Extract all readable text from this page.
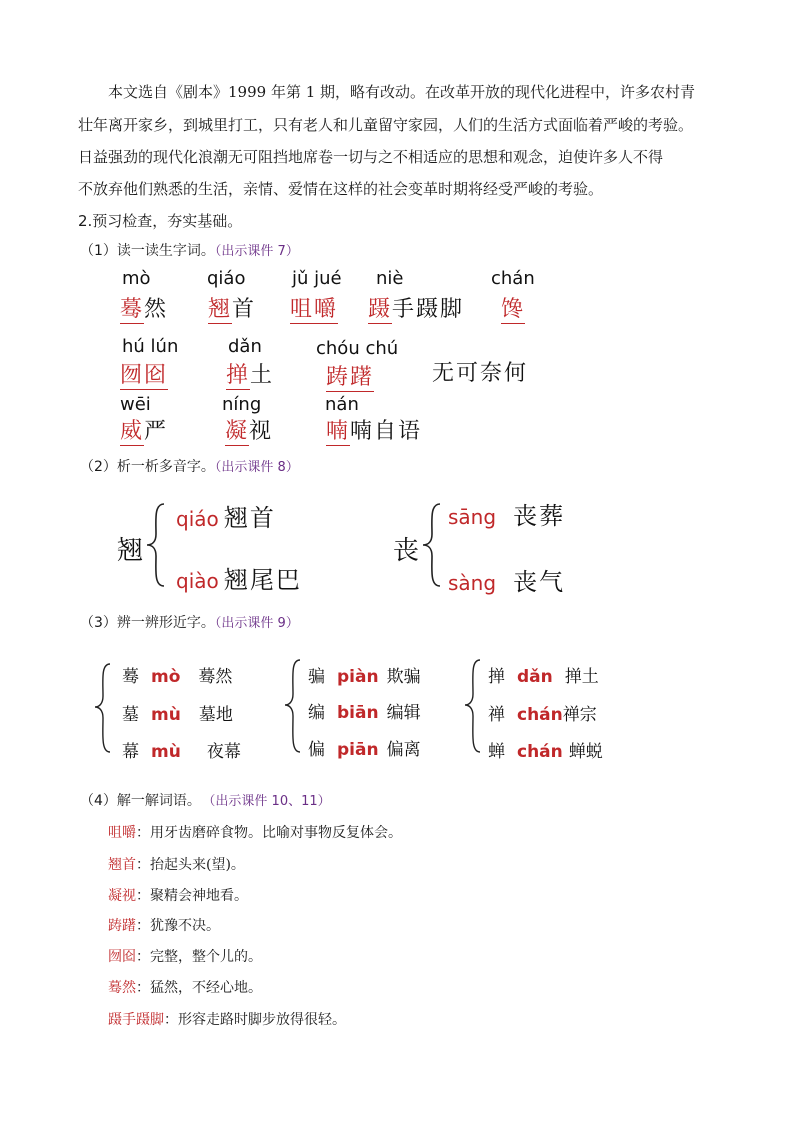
本文选自《剧本》1999 年第 1 期，略有改动。在改革开放的现代化进程中，许多农村青
壮年离开家乡，到城里打工，只有老人和儿童留守家园，人们的生活方式面临着严峻的考验。
日益强劲的现代化浪潮无可阻挡地席卷一切与之不相适应的思想和观念，迫使许多人不得
不放弃他们熟悉的生活，亲情、爱情在这样的社会变革时期将经受严峻的考验。
2.预习检查，夯实基础。
（1）读一读生字词。（出示课件 7）
mò
蓦然
qiáo
翘首
jǔ jué
咀嚼
niè
蹑手蹑脚
chán
馋
hú lún
囫囵
dǎn
掸土
chóu chú
踌躇	无可奈何
wēi
威严
níng
凝视
nán
喃喃自语
（2）析一析多音字。（出示课件 8）
翘
qiáo 翘首
qiào 翘尾巴
丧
sāng 丧葬
sàng 丧气
（3）辨一辨形近字。（出示课件 9）
蓦 mò 蓦然
墓 mù 墓地
幕 mù 夜幕
骗 piàn 欺骗
编 biān 编辑
偏 piān 偏离
掸 dǎn 掸土
禅 chán禅宗
蝉 chán 蝉蜕
（4）解一解词语。 （出示课件 10、11）
咀嚼：用牙齿磨碎食物。比喻对事物反复体会。
翘首：抬起头来(望)。
凝视：聚精会神地看。
踌躇：犹豫不决。
囫囵：完整，整个儿的。
蓦然：猛然，不经心地。
蹑手蹑脚：形容走路时脚步放得很轻。
